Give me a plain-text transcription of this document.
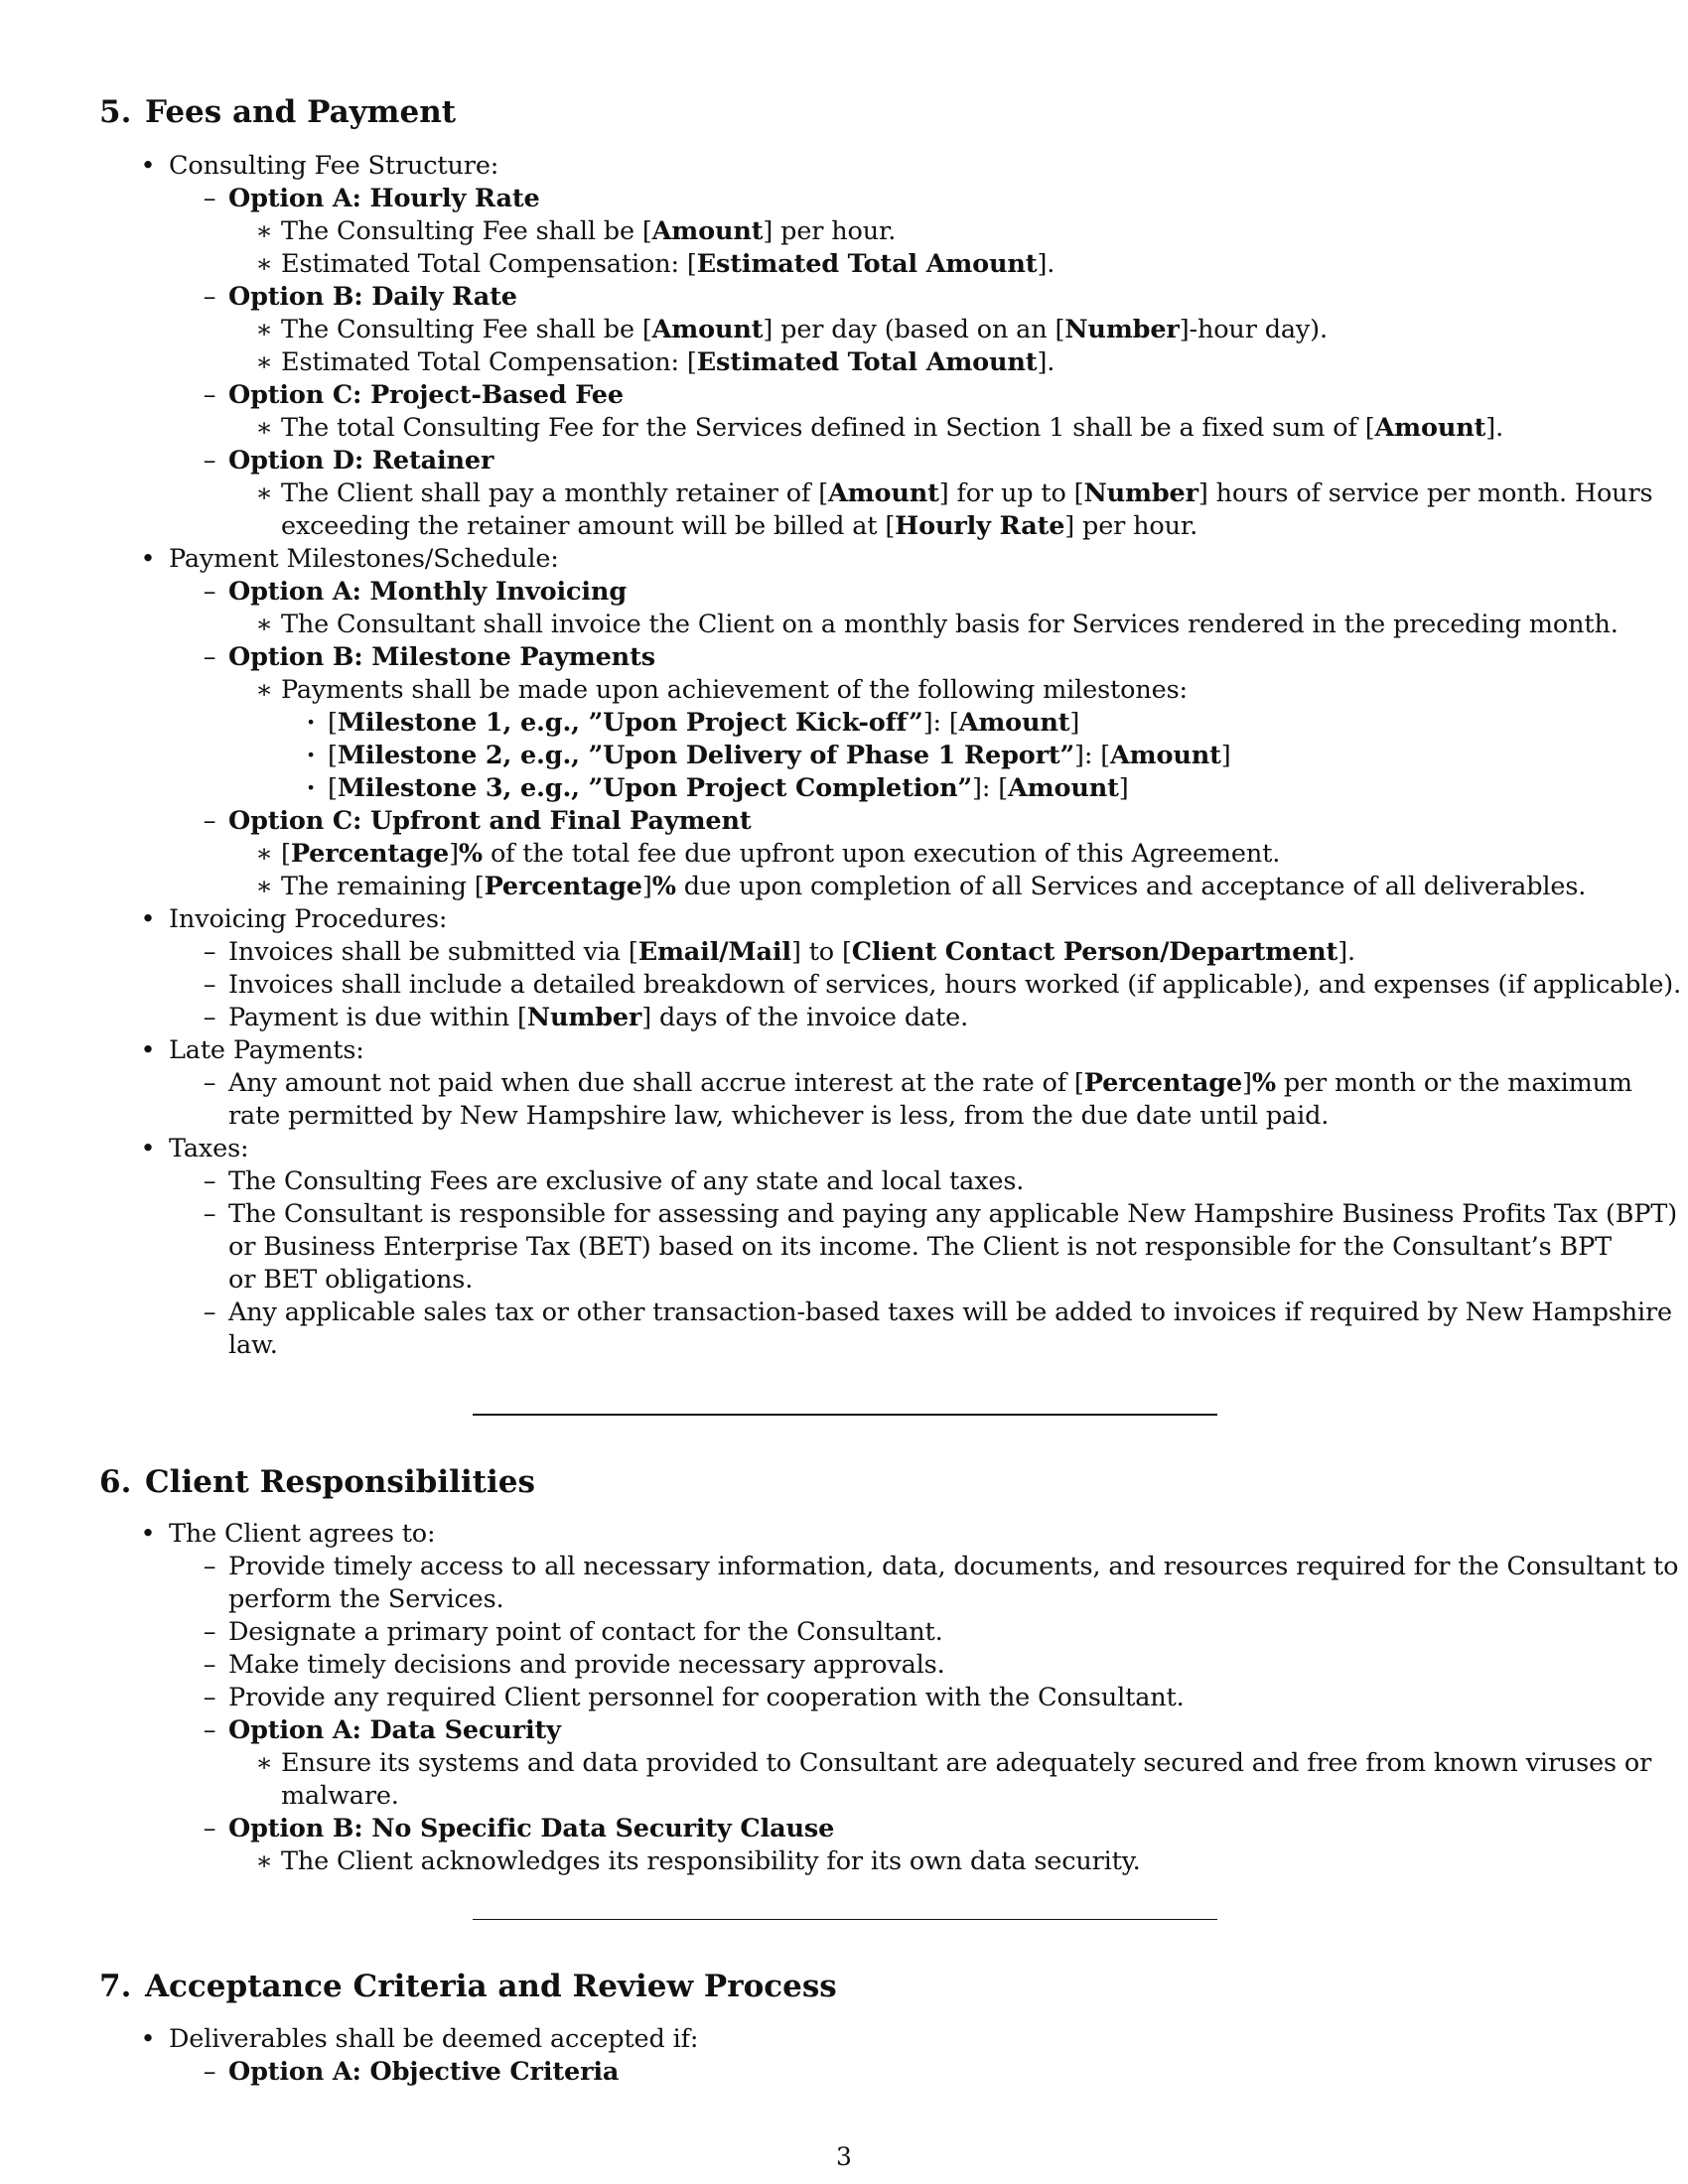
5. Fees and Payment

• Consulting Fee Structure:

– Option A: Hourly Rate

∗ The Consulting Fee shall be [Amount] per hour.

∗ Estimated Total Compensation: [Estimated Total Amount].

– Option B: Daily Rate

∗ The Consulting Fee shall be [Amount] per day (based on an [Number]-hour day).

∗ Estimated Total Compensation: [Estimated Total Amount].

– Option C: Project-Based Fee

∗ The total Consulting Fee for the Services defined in Section 1 shall be a fixed sum of [Amount].

– Option D: Retainer

∗ The Client shall pay a monthly retainer of [Amount] for up to [Number] hours of service per month. Hours

exceeding the retainer amount will be billed at [Hourly Rate] per hour.

• Payment Milestones/Schedule:

– Option A: Monthly Invoicing

∗ The Consultant shall invoice the Client on a monthly basis for Services rendered in the preceding month.

– Option B: Milestone Payments

∗ Payments shall be made upon achievement of the following milestones:

· [Milestone 1, e.g., ”Upon Project Kick-off”]: [Amount]

· [Milestone 2, e.g., ”Upon Delivery of Phase 1 Report”]: [Amount]

· [Milestone 3, e.g., ”Upon Project Completion”]: [Amount]

– Option C: Upfront and Final Payment

∗ [Percentage]% of the total fee due upfront upon execution of this Agreement.

∗ The remaining [Percentage]% due upon completion of all Services and acceptance of all deliverables.

• Invoicing Procedures:

– Invoices shall be submitted via [Email/Mail] to [Client Contact Person/Department].

– Invoices shall include a detailed breakdown of services, hours worked (if applicable), and expenses (if applicable).

– Payment is due within [Number] days of the invoice date.

• Late Payments:

– Any amount not paid when due shall accrue interest at the rate of [Percentage]% per month or the maximum

rate permitted by New Hampshire law, whichever is less, from the due date until paid.

• Taxes:

– The Consulting Fees are exclusive of any state and local taxes.

– The Consultant is responsible for assessing and paying any applicable New Hampshire Business Profits Tax (BPT)

or Business Enterprise Tax (BET) based on its income. The Client is not responsible for the Consultant’s BPT

or BET obligations.

– Any applicable sales tax or other transaction-based taxes will be added to invoices if required by New Hampshire

law.

6. Client Responsibilities

• The Client agrees to:

– Provide timely access to all necessary information, data, documents, and resources required for the Consultant to

perform the Services.

– Designate a primary point of contact for the Consultant.

– Make timely decisions and provide necessary approvals.

– Provide any required Client personnel for cooperation with the Consultant.

– Option A: Data Security

∗ Ensure its systems and data provided to Consultant are adequately secured and free from known viruses or

malware.

– Option B: No Specific Data Security Clause

∗ The Client acknowledges its responsibility for its own data security.

7. Acceptance Criteria and Review Process

• Deliverables shall be deemed accepted if:

– Option A: Objective Criteria

3
